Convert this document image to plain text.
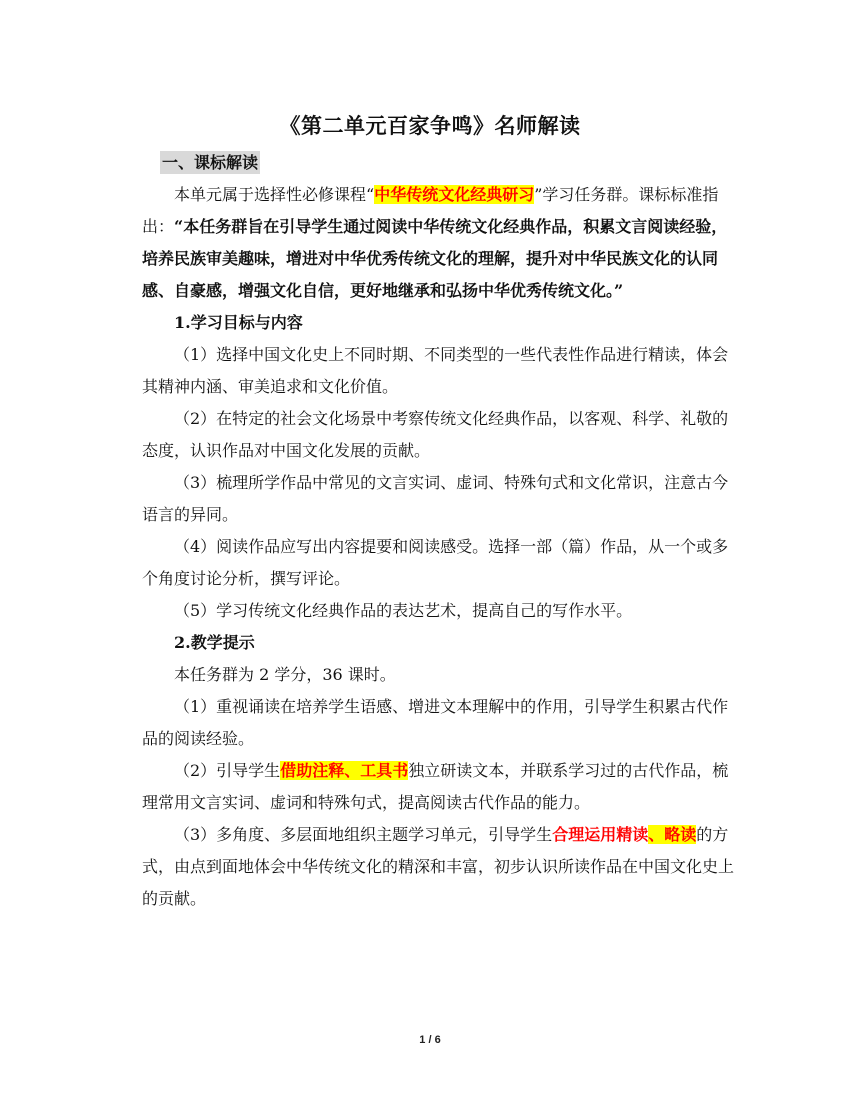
《第二单元百家争鸣》名师解读

一、课标解读

本单元属于选择性必修课程“中华传统文化经典研习”学习任务群。课标标准指出：“本任务群旨在引导学生通过阅读中华传统文化经典作品，积累文言阅读经验，培养民族审美趣味，增进对中华优秀传统文化的理解，提升对中华民族文化的认同感、自豪感，增强文化自信，更好地继承和弘扬中华优秀传统文化。”

1.学习目标与内容

（1）选择中国文化史上不同时期、不同类型的一些代表性作品进行精读，体会其精神内涵、审美追求和文化价值。

（2）在特定的社会文化场景中考察传统文化经典作品，以客观、科学、礼敬的态度，认识作品对中国文化发展的贡献。

（3）梳理所学作品中常见的文言实词、虚词、特殊句式和文化常识，注意古今语言的异同。

（4）阅读作品应写出内容提要和阅读感受。选择一部（篇）作品，从一个或多个角度讨论分析，撰写评论。

（5）学习传统文化经典作品的表达艺术，提高自己的写作水平。

2.教学提示

本任务群为 2 学分，36 课时。

（1）重视诵读在培养学生语感、增进文本理解中的作用，引导学生积累古代作品的阅读经验。

（2）引导学生借助注释、工具书独立研读文本，并联系学习过的古代作品，梳理常用文言实词、虚词和特殊句式，提高阅读古代作品的能力。

（3）多角度、多层面地组织主题学习单元，引导学生合理运用精读、略读的方式，由点到面地体会中华传统文化的精深和丰富，初步认识所读作品在中国文化史上的贡献。

1 / 6
